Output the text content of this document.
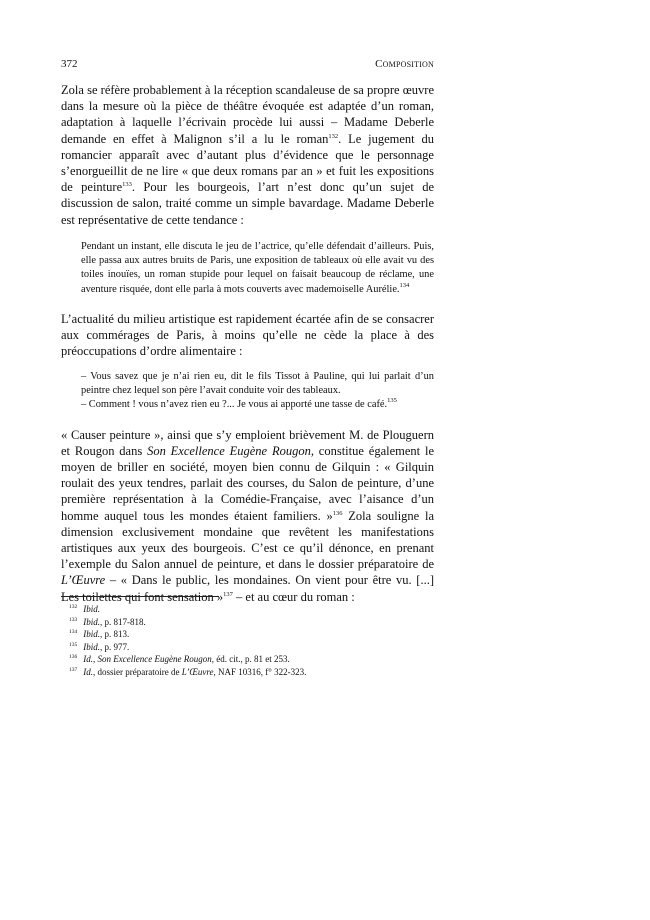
372	Composition

Zola se réfère probablement à la réception scandaleuse de sa propre œuvre dans la mesure où la pièce de théâtre évoquée est adaptée d’un roman, adaptation à laquelle l’écrivain procède lui aussi – Madame Deberle demande en effet à Malignon s’il a lu le roman$^{132}$. Le jugement du romancier apparaît avec d’autant plus d’évidence que le personnage s’enorgueillit de ne lire « que deux romans par an » et fuit les expositions de peinture$^{133}$. Pour les bourgeois, l’art n’est donc qu’un sujet de discussion de salon, traité comme un simple bavardage. Madame Deberle est représentative de cette tendance :

Pendant un instant, elle discuta le jeu de l’actrice, qu’elle défendait d’ailleurs. Puis, elle passa aux autres bruits de Paris, une exposition de tableaux où elle avait vu des toiles inouïes, un roman stupide pour lequel on faisait beaucoup de réclame, une aventure risquée, dont elle parla à mots couverts avec mademoiselle Aurélie.$^{134}$

L’actualité du milieu artistique est rapidement écartée afin de se consacrer aux commérages de Paris, à moins qu’elle ne cède la place à des préoccupations d’ordre alimentaire :

– Vous savez que je n’ai rien eu, dit le fils Tissot à Pauline, qui lui parlait d’un peintre chez lequel son père l’avait conduite voir des tableaux.
– Comment ! vous n’avez rien eu ?... Je vous ai apporté une tasse de café.$^{135}$

« Causer peinture », ainsi que s’y emploient brièvement M. de Plouguern et Rougon dans Son Excellence Eugène Rougon, constitue également le moyen de briller en société, moyen bien connu de Gilquin : « Gilquin roulait des yeux tendres, parlait des courses, du Salon de peinture, d’une première représentation à la Comédie-Française, avec l’aisance d’un homme auquel tous les mondes étaient familiers. »$^{136}$ Zola souligne la dimension exclusivement mondaine que revêtent les manifestations artistiques aux yeux des bourgeois. C’est ce qu’il dénonce, en prenant l’exemple du Salon annuel de peinture, et dans le dossier préparatoire de L’Œuvre – « Dans le public, les mondaines. On vient pour être vu. [...] Les toilettes qui font sensation »$^{137}$ – et au cœur du roman :

$^{132}$ Ibid.
$^{133}$ Ibid., p. 817-818.
$^{134}$ Ibid., p. 813.
$^{135}$ Ibid., p. 977.
$^{136}$ Id., Son Excellence Eugène Rougon, éd. cit., p. 81 et 253.
$^{137}$ Id., dossier préparatoire de L’Œuvre, NAF 10316, f° 322-323.
